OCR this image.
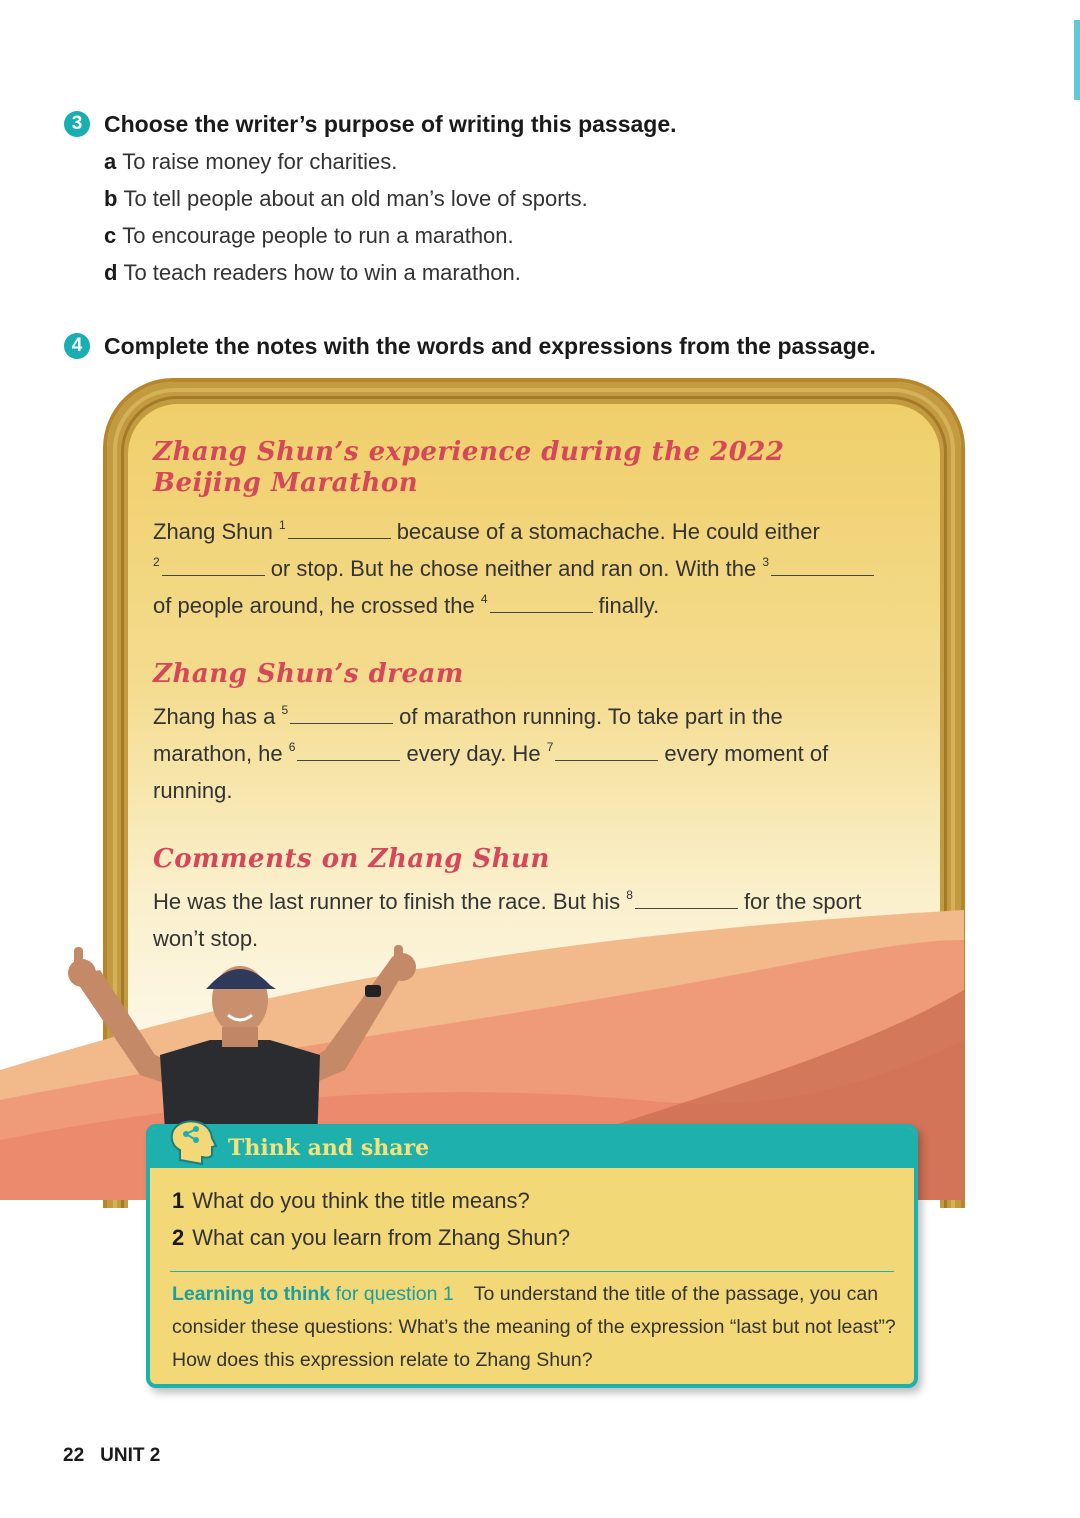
3 Choose the writer’s purpose of writing this passage.
a To raise money for charities.
b To tell people about an old man’s love of sports.
c To encourage people to run a marathon.
d To teach readers how to win a marathon.
4 Complete the notes with the words and expressions from the passage.
Zhang Shun’s experience during the 2022
Beijing Marathon
Zhang Shun $^1$	because of a stomachache. He could either
$^2$	or stop. But he chose neither and ran on. With the $^3$
of people around, he crossed the $^4$	finally.
Zhang Shun’s dream
Zhang has a $^5$	of marathon running. To take part in the
marathon, he $^6$	every day. He $^7$	every moment of
running.
Comments on Zhang Shun
He was the last runner to finish the race. But his $^8$	for the sport
won’t stop.
Think and share
1 What do you think the title means?
2 What can you learn from Zhang Shun?
Learning to think for question 1 To understand the title of the passage, you can consider these questions: What’s the meaning of the expression “last but not least”? How does this expression relate to Zhang Shun?
22 UNIT 2
